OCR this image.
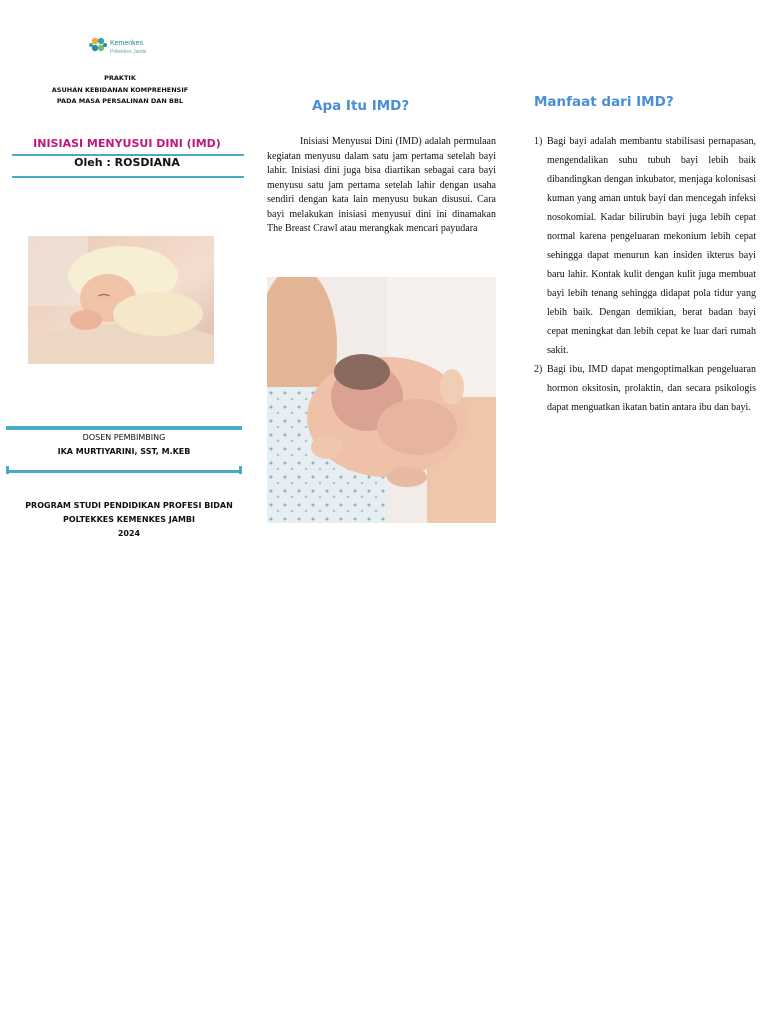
Kemenkes
Poltekkes Jambi
PRAKTIK
ASUHAN KEBIDANAN KOMPREHENSIF
PADA MASA PERSALINAN DAN BBL
INISIASI MENYUSUI DINI (IMD)
Oleh : ROSDIANA
DOSEN PEMBIMBING
IKA MURTIYARINI, SST, M.KEB
PROGRAM STUDI PENDIDIKAN PROFESI BIDAN
POLTEKKES KEMENKES JAMBI
2024
Apa Itu IMD?
Inisiasi Menyusui Dini (IMD) adalah permulaan kegiatan menyusu dalam satu jam pertama setelah bayi lahir. Inisiasi dini juga bisa diartikan sebagai cara bayi menyusu satu jam pertama setelah lahir dengan usaha sendiri dengan kata lain menyusu bukan disusui. Cara bayi melakukan inisiasi menyusui dini ini dinamakan The Breast Crawl atau merangkak mencari payudara
Manfaat dari IMD?
1) Bagi bayi adalah membantu stabilisasi pernapasan, mengendalikan suhu tubuh bayi lebih baik dibandingkan dengan inkubator, menjaga kolonisasi kuman yang aman untuk bayi dan mencegah infeksi nosokomial. Kadar bilirubin bayi juga lebih cepat normal karena pengeluaran mekonium lebih cepat sehingga dapat menurun kan insiden ikterus bayi baru lahir. Kontak kulit dengan kulit juga membuat bayi lebih tenang sehingga didapat pola tidur yang lebih baik. Dengan demikian, berat badan bayi cepat meningkat dan lebih cepat ke luar dari rumah sakit.
2) Bagi ibu, IMD dapat mengoptimalkan pengeluaran hormon oksitosin, prolaktin, dan secara psikologis dapat menguatkan ikatan batin antara ibu dan bayi.
